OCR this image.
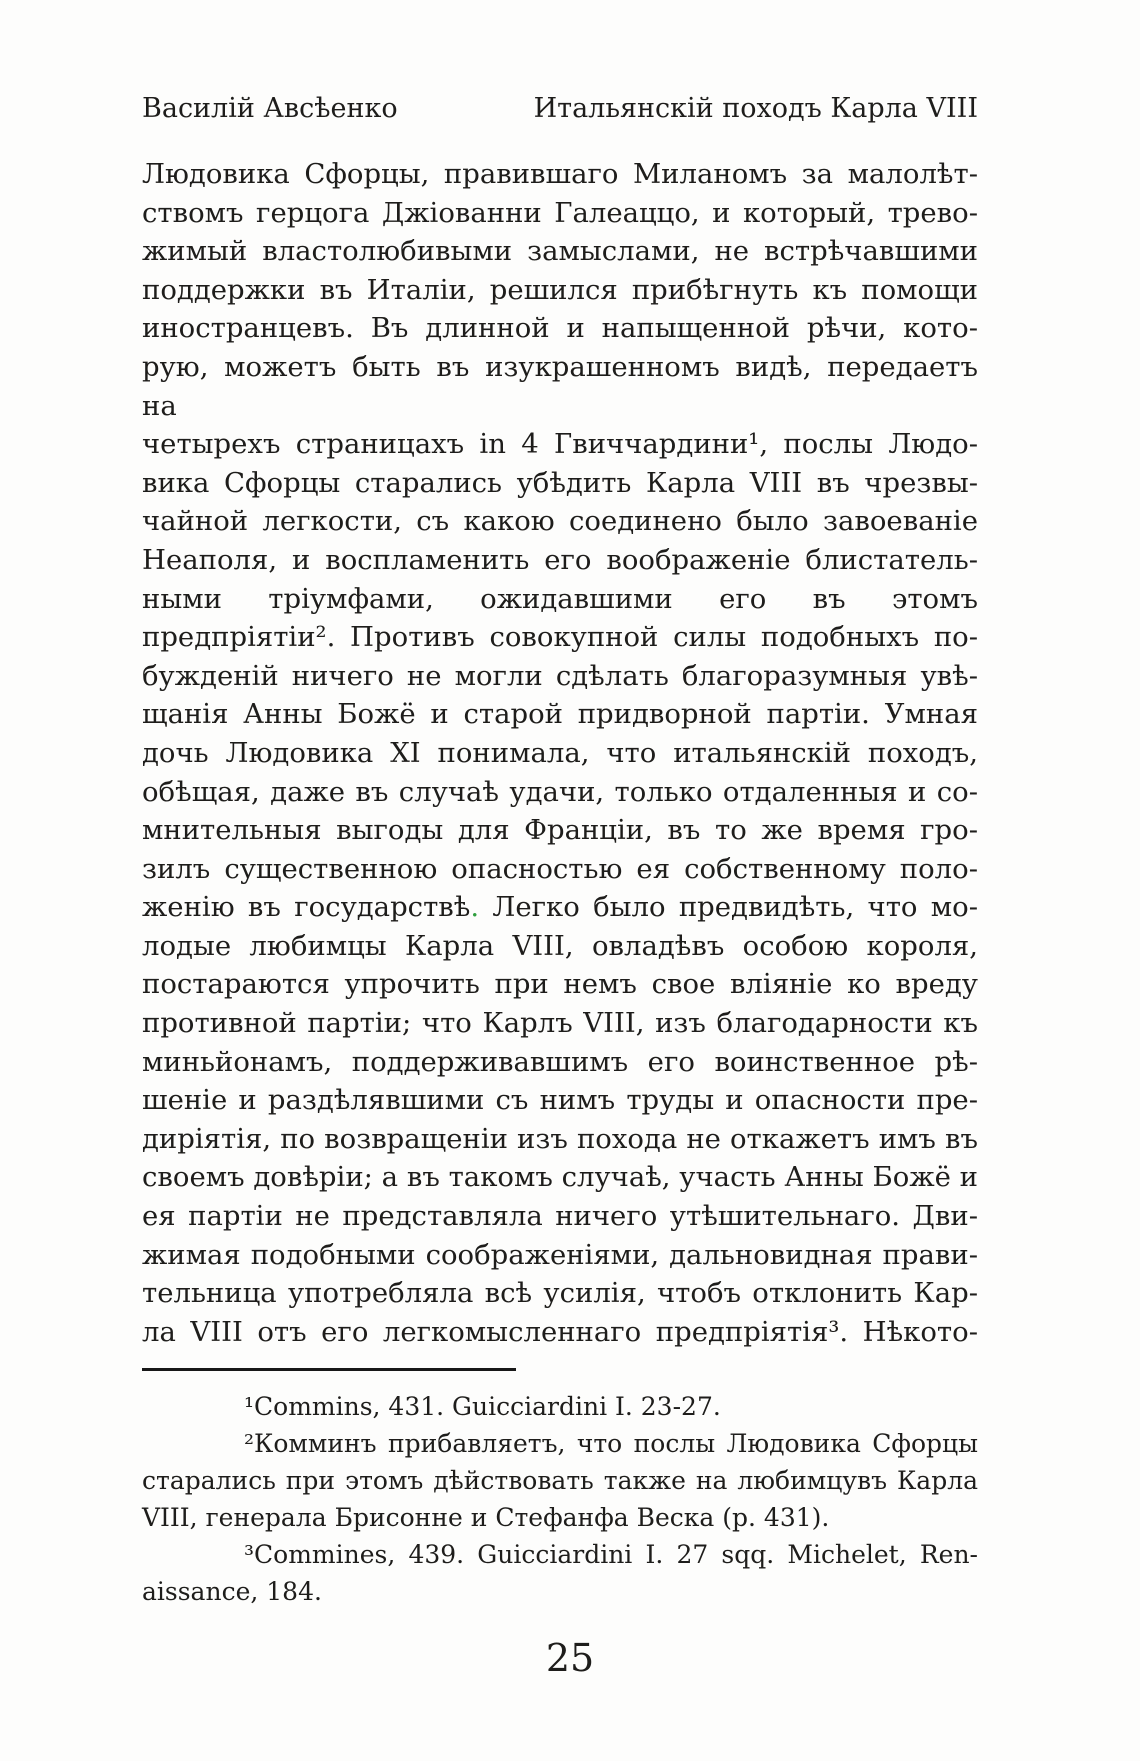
Василій Авсѣенко	Итальянскій походъ Карла VIII
Людовика Сфорцы, правившаго Миланомъ за малолѣт-
ствомъ герцога Джіованни Галеаццо, и который, трево-
жимый властолюбивыми замыслами, не встрѣчавшими
поддержки въ Италіи, решился прибѣгнуть къ помощи
иностранцевъ. Въ длинной и напыщенной рѣчи, кото-
рую, можетъ быть въ изукрашенномъ видѣ, передаетъ на
четырехъ страницахъ in 4 Гвиччардини¹, послы Людо-
вика Сфорцы старались убѣдить Карла VIII въ чрезвы-
чайной легкости, съ какою соединено было завоеваніе
Неаполя, и воспламенить его воображеніе блистатель-
ными тріумфами, ожидавшими его въ этомъ
предпріятіи². Противъ совокупной силы подобныхъ по-
бужденій ничего не могли сдѣлать благоразумныя увѣ-
щанія Анны Божё и старой придворной партіи. Умная
дочь Людовика XI понимала, что итальянскій походъ,
обѣщая, даже въ случаѣ удачи, только отдаленныя и со-
мнительныя выгоды для Франціи, въ то же время гро-
зилъ существенною опасностью ея собственному поло-
женію въ государствѣ. Легко было предвидѣть, что мо-
лодые любимцы Карла VIII, овладѣвъ особою короля,
постараются упрочить при немъ свое вліяніе ко вреду
противной партіи; что Карлъ VIII, изъ благодарности къ
миньйонамъ, поддерживавшимъ его воинственное рѣ-
шеніе и раздѣлявшими съ нимъ труды и опасности пре-
диріятія, по возвращеніи изъ похода не откажетъ имъ въ
своемъ довѣріи; а въ такомъ случаѣ, участь Анны Божё и
ея партіи не представляла ничего утѣшительнаго. Дви-
жимая подобными соображеніями, дальновидная прави-
тельница употребляла всѣ усилія, чтобъ отклонить Кар-
ла VIII отъ его легкомысленнаго предпріятія³. Нѣкото-
¹Commins, 431. Guicciardini I. 23-27.
²Комминъ прибавляетъ, что послы Людовика Сфорцы
старались при этомъ дѣйствовать также на любимцувъ Карла
VIII, генерала Брисонне и Стефанфа Веска (p. 431).
³Commines, 439. Guicciardini I. 27 sqq. Michelet, Ren-
aissance, 184.
25
